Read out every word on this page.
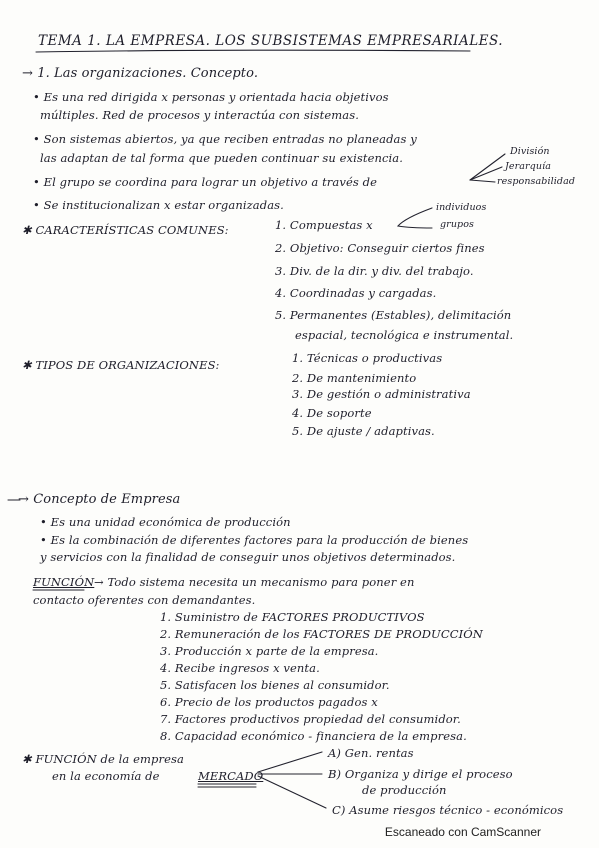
TEMA 1. LA EMPRESA. LOS SUBSISTEMAS EMPRESARIALES.
→ 1. Las organizaciones. Concepto.
• Es una red dirigida x personas y orientada hacia objetivos
múltiples. Red de procesos y interactúa con sistemas.
• Son sistemas abiertos, ya que reciben entradas no planeadas y
las adaptan de tal forma que pueden continuar su existencia.
• El grupo se coordina para lograr un objetivo a través de
División
Jerarquía
responsabilidad
• Se institucionalizan x estar organizadas.
✱ CARACTERÍSTICAS COMUNES:	1. Compuestas x
individuos
grupos
2. Objetivo: Conseguir ciertos fines
3. Div. de la dir. y div. del trabajo.
4. Coordinadas y cargadas.
5. Permanentes (Estables), delimitación
espacial, tecnológica e instrumental.
✱ TIPOS DE ORGANIZACIONES:	1. Técnicas o productivas
2. De mantenimiento
3. De gestión o administrativa
4. De soporte
5. De ajuste / adaptivas.
→ Concepto de Empresa
• Es una unidad económica de producción
• Es la combinación de diferentes factores para la producción de bienes
y servicios con la finalidad de conseguir unos objetivos determinados.
FUNCIÓN → Todo sistema necesita un mecanismo para poner en
contacto oferentes con demandantes.
1. Suministro de FACTORES PRODUCTIVOS
2. Remuneración de los FACTORES DE PRODUCCIÓN
3. Producción x parte de la empresa.
4. Recibe ingresos x venta.
5. Satisfacen los bienes al consumidor.
6. Precio de los productos pagados x
7. Factores productivos propiedad del consumidor.
8. Capacidad económico - financiera de la empresa.
✱ FUNCIÓN de la empresa
en la economía de	MERCADO
A) Gen. rentas
B) Organiza y dirige el proceso
de producción
C) Asume riesgos técnico - económicos
Escaneado con CamScanner
